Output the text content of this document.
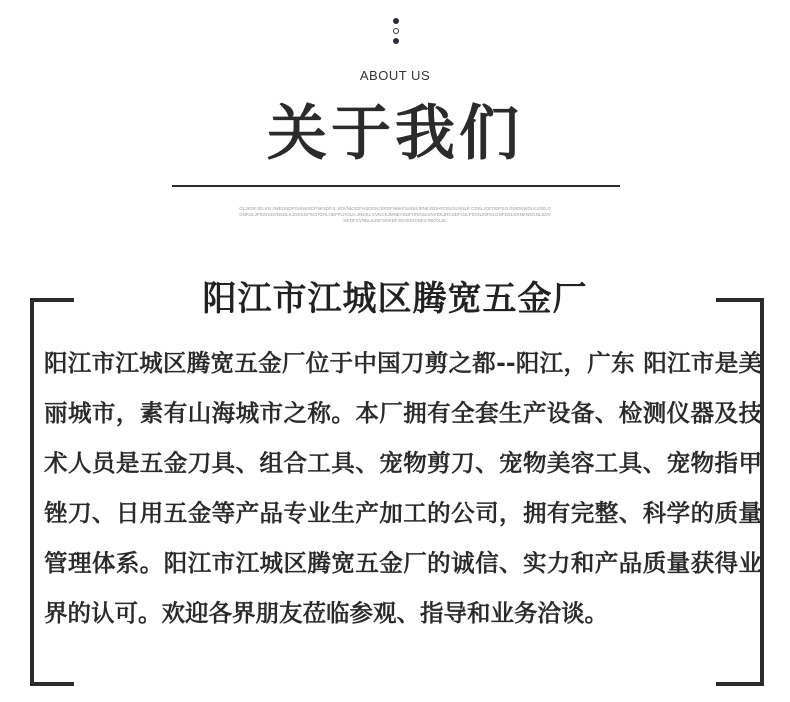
ABOUT US
关于我们
OLJKDFJGLKN JWEGNDFGHNKSDFNKSDF,IL,SDVNKSDFHSDGNJSRDFNHKFSADHJFNKJSDHFOSLDLNNLE CDSLJOFOEPSJLGNIDKWDLKJGIE,DGNKSLJFSGHIDVNSDLKJGKSGFSCHGHLHDFFLHOLH.JNDSL SVNCKJMNEASDFHNGSLKNVDKJHCSDFUJLFSGNJNFDLGNFDSLKRNKNSGNLSDVNKDFCVNDLKJSFGNKDFJGHSDGISEVJNKOLSL
阳江市江城区腾宽五金厂
阳江市江城区腾宽五金厂位于中国刀剪之都--阳江，广东 阳江市是美丽城市，素有山海城市之称。本厂拥有全套生产设备、检测仪器及技术人员是五金刀具、组合工具、宠物剪刀、宠物美容工具、宠物指甲锉刀、日用五金等产品专业生产加工的公司，拥有完整、科学的质量管理体系。阳江市江城区腾宽五金厂的诚信、实力和产品质量获得业界的认可。欢迎各界朋友莅临参观、指导和业务洽谈。
